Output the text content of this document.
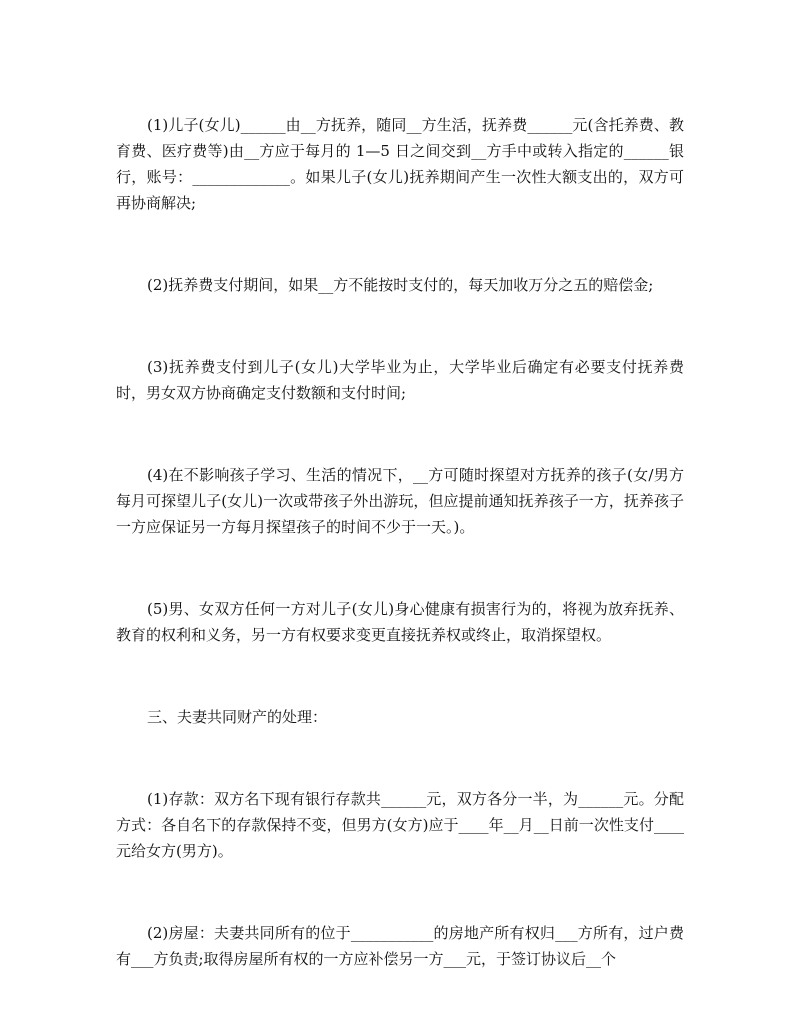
(1)儿子(女儿)______由__方抚养，随同__方生活，抚养费______元(含托养费、教育费、医疗费等)由__方应于每月的 1—5 日之间交到__方手中或转入指定的______银行，账号：_____________。如果儿子(女儿)抚养期间产生一次性大额支出的，双方可再协商解决;

(2)抚养费支付期间，如果__方不能按时支付的，每天加收万分之五的赔偿金;

(3)抚养费支付到儿子(女儿)大学毕业为止，大学毕业后确定有必要支付抚养费时，男女双方协商确定支付数额和支付时间;

(4)在不影响孩子学习、生活的情况下，__方可随时探望对方抚养的孩子(女/男方每月可探望儿子(女儿)一次或带孩子外出游玩，但应提前通知抚养孩子一方，抚养孩子一方应保证另一方每月探望孩子的时间不少于一天。)。

(5)男、女双方任何一方对儿子(女儿)身心健康有损害行为的，将视为放弃抚养、教育的权利和义务，另一方有权要求变更直接抚养权或终止，取消探望权。

三、夫妻共同财产的处理：

(1)存款：双方名下现有银行存款共______元，双方各分一半，为______元。分配方式：各自名下的存款保持不变，但男方(女方)应于____年__月__日前一次性支付____元给女方(男方)。

(2)房屋：夫妻共同所有的位于___________的房地产所有权归___方所有，过户费有___方负责;取得房屋所有权的一方应补偿另一方___元，于签订协议后__个
